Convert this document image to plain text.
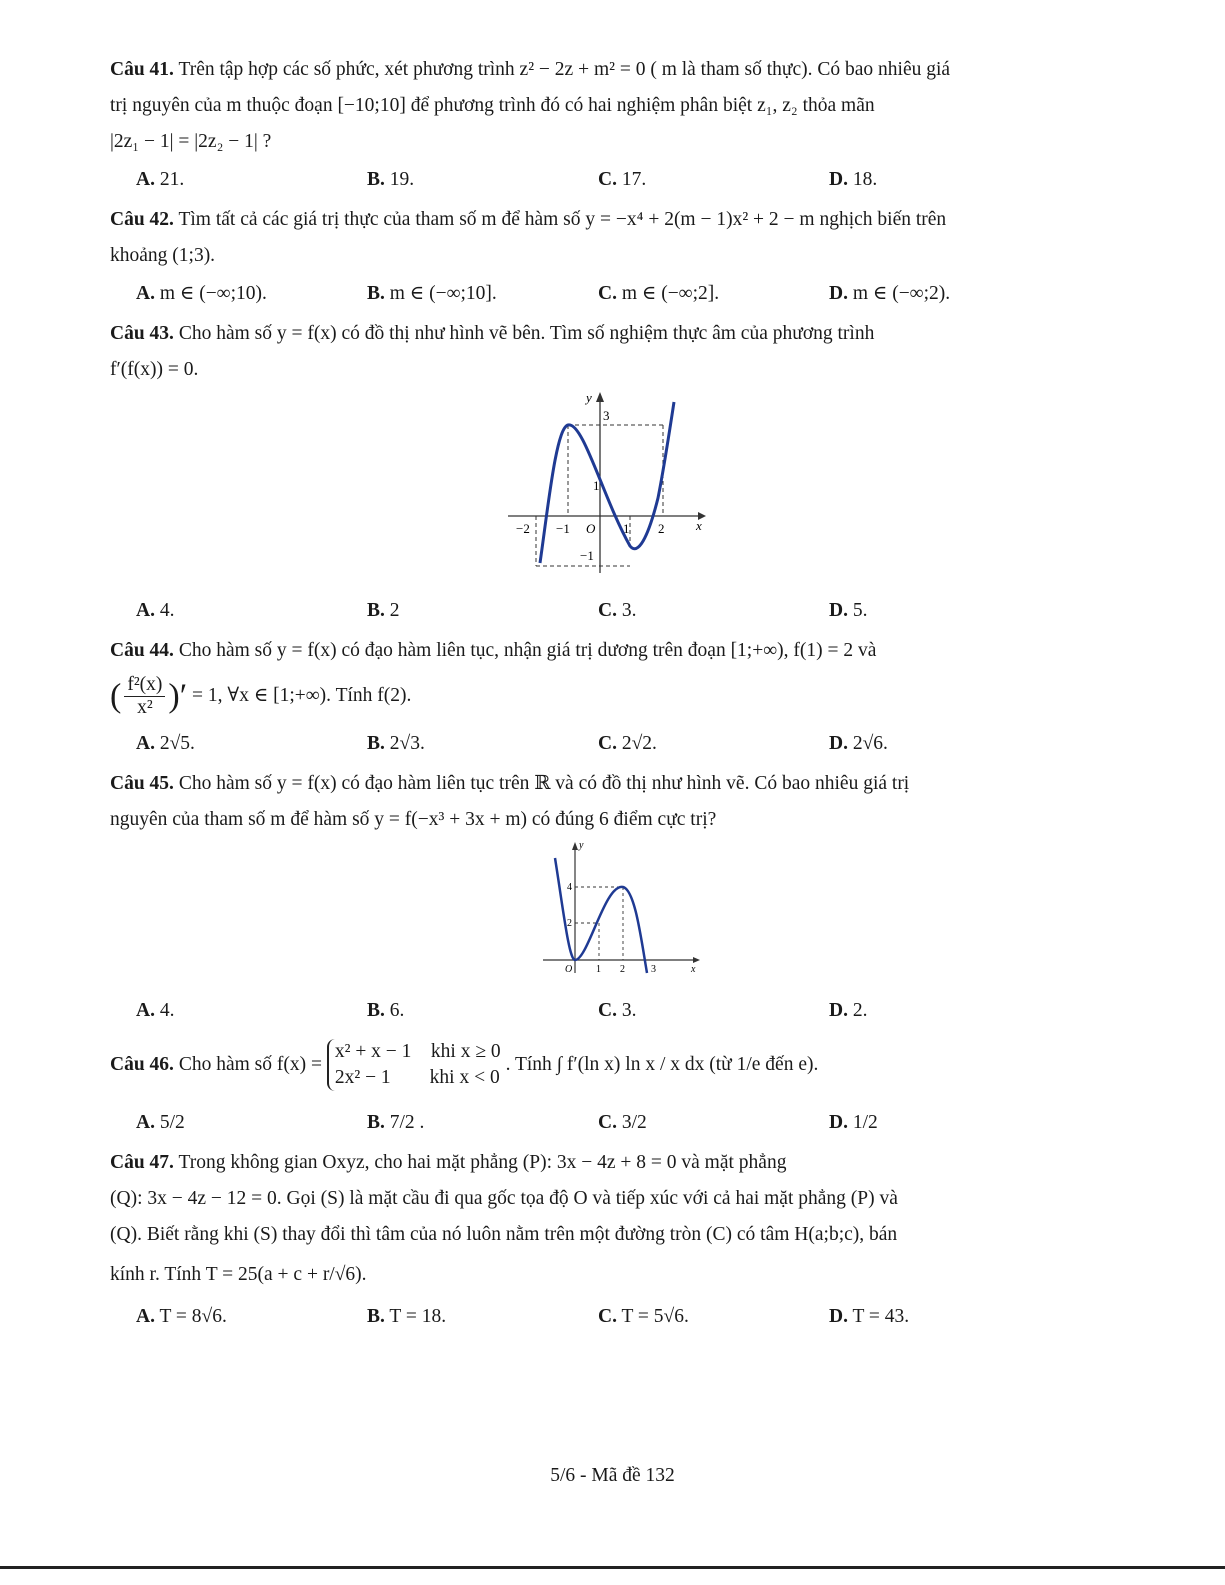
Câu 41. Trên tập hợp các số phức, xét phương trình z² − 2z + m² = 0 ( m là tham số thực). Có bao nhiêu giá

trị nguyên của m thuộc đoạn [−10;10] để phương trình đó có hai nghiệm phân biệt z₁, z₂ thỏa mãn

|2z₁ − 1| = |2z₂ − 1| ?

A. 21.	B. 19.	C. 17.	D. 18.

Câu 42. Tìm tất cả các giá trị thực của tham số m để hàm số y = −x⁴ + 2(m − 1)x² + 2 − m nghịch biến trên

khoảng (1;3).

A. m ∈ (−∞;10).	B. m ∈ (−∞;10].	C. m ∈ (−∞;2].	D. m ∈ (−∞;2).

Câu 43. Cho hàm số y = f(x) có đồ thị như hình vẽ bên. Tìm số nghiệm thực âm của phương trình

f′(f(x)) = 0.

y
x
3
1
−2 −1 O 1 2
−1
A. 4.	B. 2	C. 3.	D. 5.

Câu 44. Cho hàm số y = f(x) có đạo hàm liên tục, nhận giá trị dương trên đoạn [1;+∞), f(1) = 2 và

( $\frac{\text{f²(x)}}{\text{x²}}$ )′ = 1, ∀x ∈ [1;+∞). Tính f(2).

A. 2√5.	B. 2√3.	C. 2√2.	D. 2√6.

Câu 45. Cho hàm số y = f(x) có đạo hàm liên tục trên ℝ và có đồ thị như hình vẽ. Có bao nhiêu giá trị

nguyên của tham số m để hàm số y = f(−x³ + 3x + m) có đúng 6 điểm cực trị?

y
x
O
4
2
1 2	3
A. 4.	B. 6.	C. 3.	D. 2.

Câu 46. Cho hàm số f(x) =
x² + x − 1    khi x ≥ 0
2x² − 1        khi x < 0
. Tính ∫ f′(ln x) ln x / x dx (từ 1/e đến e).

A. 5/2	B. 7/2 .	C. 3/2	D. 1/2

Câu 47. Trong không gian Oxyz, cho hai mặt phẳng (P): 3x − 4z + 8 = 0 và mặt phẳng

(Q): 3x − 4z − 12 = 0. Gọi (S) là mặt cầu đi qua gốc tọa độ O và tiếp xúc với cả hai mặt phẳng (P) và

(Q). Biết rằng khi (S) thay đổi thì tâm của nó luôn nằm trên một đường tròn (C) có tâm H(a;b;c), bán

kính r. Tính T = 25(a + c + r/√6).

A. T = 8√6.	B. T = 18.	C. T = 5√6.	D. T = 43.
5/6 - Mã đề 132
